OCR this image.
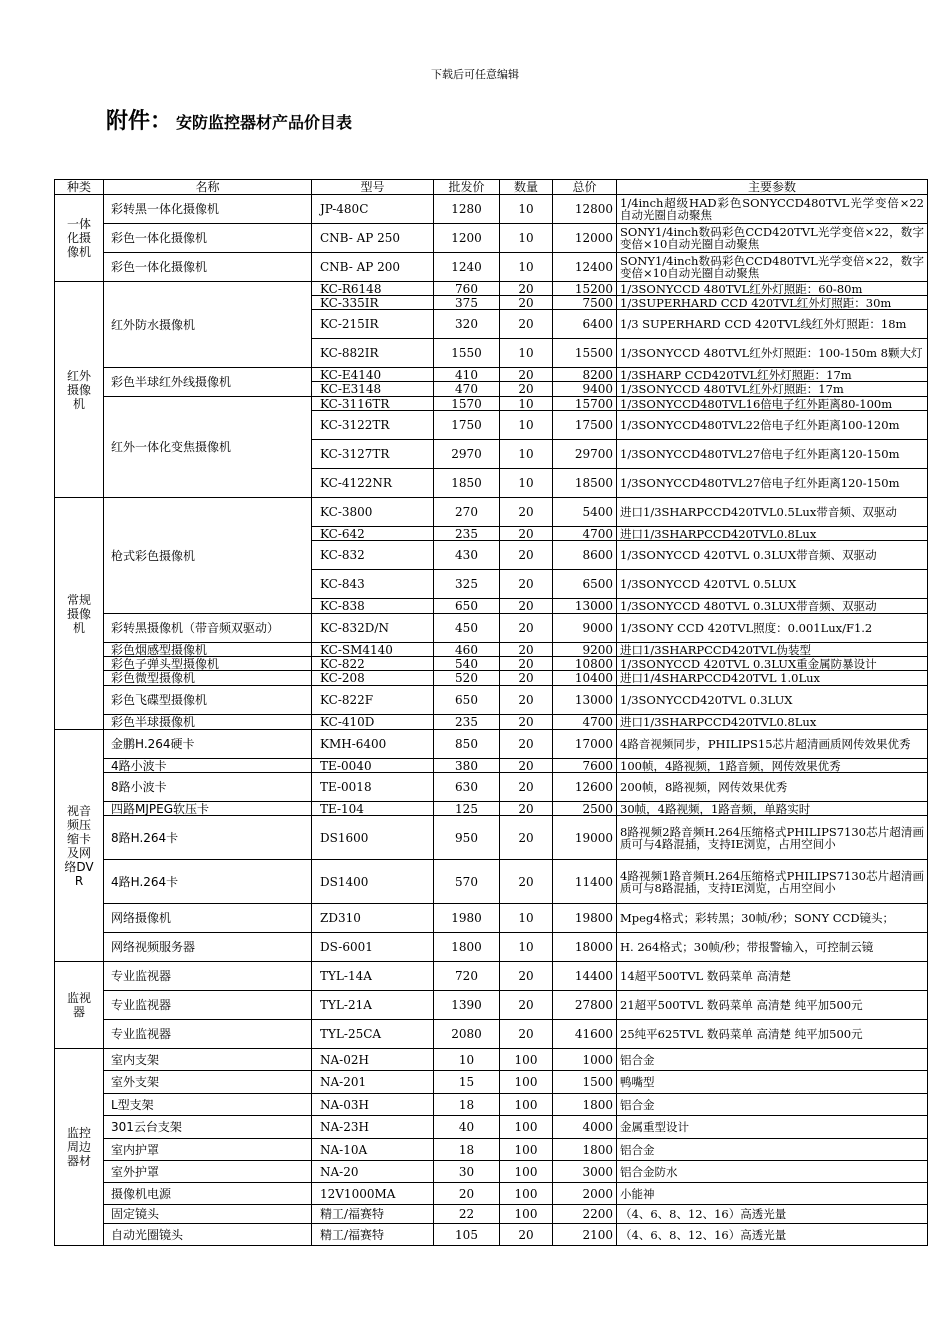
下载后可任意编辑
附件： 安防监控器材产品价目表
种类	名称	型号	批发价	数量	总价	主要参数
一体化摄像机	彩转黑一体化摄像机	JP-480C	1280	10	12800	1/4inch超级HAD彩色SONYCCD480TVL光学变倍×22自动光圈自动聚焦
	彩色一体化摄像机	CNB- AP 250	1200	10	12000	SONY1/4inch数码彩色CCD420TVL光学变倍×22，数字变倍×10自动光圈自动聚焦
	彩色一体化摄像机	CNB- AP 200	1240	10	12400	SONY1/4inch数码彩色CCD480TVL光学变倍×22，数字变倍×10自动光圈自动聚焦
红外摄像机	红外防水摄像机	KC-R6148	760	20	15200	1/3SONYCCD 480TVL红外灯照距：60-80m
		KC-335IR	375	20	7500	1/3SUPERHARD CCD 420TVL红外灯照距：30m
		KC-215IR	320	20	6400	1/3 SUPERHARD CCD 420TVL线红外灯照距：18m
		KC-882IR	1550	10	15500	1/3SONYCCD 480TVL红外灯照距：100-150m 8颗大灯
	彩色半球红外线摄像机	KC-E4140	410	20	8200	1/3SHARP CCD420TVL红外灯照距：17m
		KC-E3148	470	20	9400	1/3SONYCCD 480TVL红外灯照距：17m
	红外一体化变焦摄像机	KC-3116TR	1570	10	15700	1/3SONYCCD480TVL16倍电子红外距离80-100m
		KC-3122TR	1750	10	17500	1/3SONYCCD480TVL22倍电子红外距离100-120m
		KC-3127TR	2970	10	29700	1/3SONYCCD480TVL27倍电子红外距离120-150m
		KC-4122NR	1850	10	18500	1/3SONYCCD480TVL27倍电子红外距离120-150m
常规摄像机	枪式彩色摄像机	KC-3800	270	20	5400	进口1/3SHARPCCD420TVL0.5Lux带音频、双驱动
		KC-642	235	20	4700	进口1/3SHARPCCD420TVL0.8Lux
		KC-832	430	20	8600	1/3SONYCCD 420TVL 0.3LUX带音频、双驱动
		KC-843	325	20	6500	1/3SONYCCD 420TVL 0.5LUX
		KC-838	650	20	13000	1/3SONYCCD 480TVL 0.3LUX带音频、双驱动
	彩转黑摄像机（带音频双驱动）	KC-832D/N	450	20	9000	1/3SONY CCD 420TVL照度：0.001Lux/F1.2
	彩色烟感型摄像机	KC-SM4140	460	20	9200	进口1/3SHARPCCD420TVL伪装型
	彩色子弹头型摄像机	KC-822	540	20	10800	1/3SONYCCD 420TVL 0.3LUX重金属防暴设计
	彩色微型摄像机	KC-208	520	20	10400	进口1/4SHARPCCD420TVL 1.0Lux
	彩色飞碟型摄像机	KC-822F	650	20	13000	1/3SONYCCD420TVL 0.3LUX
	彩色半球摄像机	KC-410D	235	20	4700	进口1/3SHARPCCD420TVL0.8Lux
视音频压缩卡及网络DVR	金鹏H.264硬卡	KMH-6400	850	20	17000	4路音视频同步，PHILIPS15芯片超清画质网传效果优秀
	4路小波卡	TE-0040	380	20	7600	100帧，4路视频，1路音频，网传效果优秀
	8路小波卡	TE-0018	630	20	12600	200帧，8路视频，网传效果优秀
	四路MJPEG软压卡	TE-104	125	20	2500	30帧，4路视频，1路音频，单路实时
	8路H.264卡	DS1600	950	20	19000	8路视频2路音频H.264压缩格式PHILIPS7130芯片超清画质可与4路混插，支持IE浏览，占用空间小
	4路H.264卡	DS1400	570	20	11400	4路视频1路音频H.264压缩格式PHILIPS7130芯片超清画质可与8路混插，支持IE浏览，占用空间小
	网络摄像机	ZD310	1980	10	19800	Mpeg4格式；彩转黑；30帧/秒；SONY CCD镜头；
	网络视频服务器	DS-6001	1800	10	18000	H. 264格式；30帧/秒；带报警输入，可控制云镜
监视器	专业监视器	TYL-14A	720	20	14400	14超平500TVL 数码菜单 高清楚
	专业监视器	TYL-21A	1390	20	27800	21超平500TVL 数码菜单 高清楚 纯平加500元
	专业监视器	TYL-25CA	2080	20	41600	25纯平625TVL 数码菜单 高清楚 纯平加500元
监控周边器材	室内支架	NA-02H	10	100	1000	铝合金
	室外支架	NA-201	15	100	1500	鸭嘴型
	L型支架	NA-03H	18	100	1800	铝合金
	301云台支架	NA-23H	40	100	4000	金属重型设计
	室内护罩	NA-10A	18	100	1800	铝合金
	室外护罩	NA-20	30	100	3000	铝合金防水
	摄像机电源	12V1000MA	20	100	2000	小能神
	固定镜头	精工/福赛特	22	100	2200	（4、6、8、12、16）高透光量
	自动光圈镜头	精工/福赛特	105	20	2100	（4、6、8、12、16）高透光量
